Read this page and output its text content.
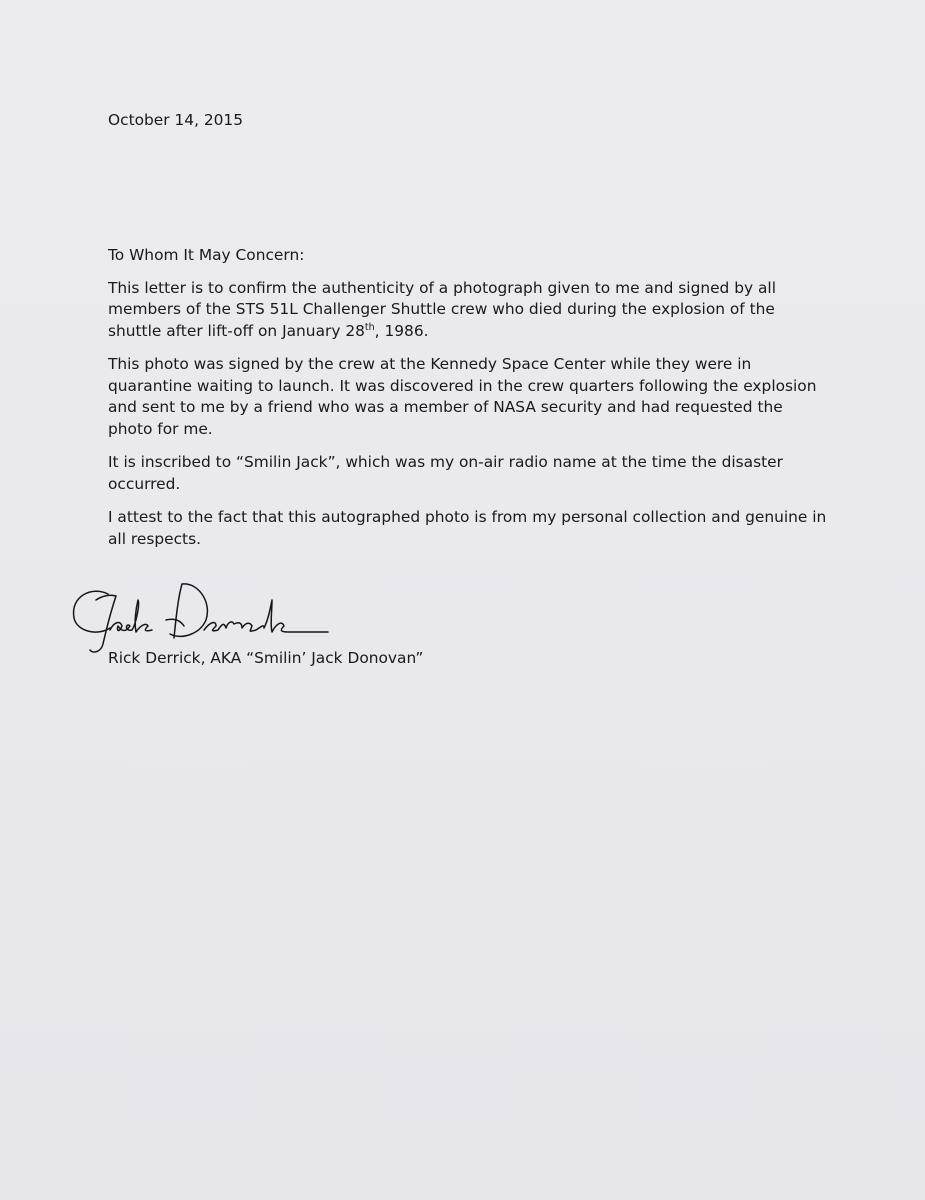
October 14, 2015

To Whom It May Concern:

This letter is to confirm the authenticity of a photograph given to me and signed by all members of the STS 51L Challenger Shuttle crew who died during the explosion of the shuttle after lift-off on January 28th, 1986.

This photo was signed by the crew at the Kennedy Space Center while they were in quarantine waiting to launch. It was discovered in the crew quarters following the explosion and sent to me by a friend who was a member of NASA security and had requested the photo for me.

It is inscribed to “Smilin Jack”, which was my on-air radio name at the time the disaster occurred.

I attest to the fact that this autographed photo is from my personal collection and genuine in all respects.

Rick Derrick, AKA “Smilin’ Jack Donovan”
